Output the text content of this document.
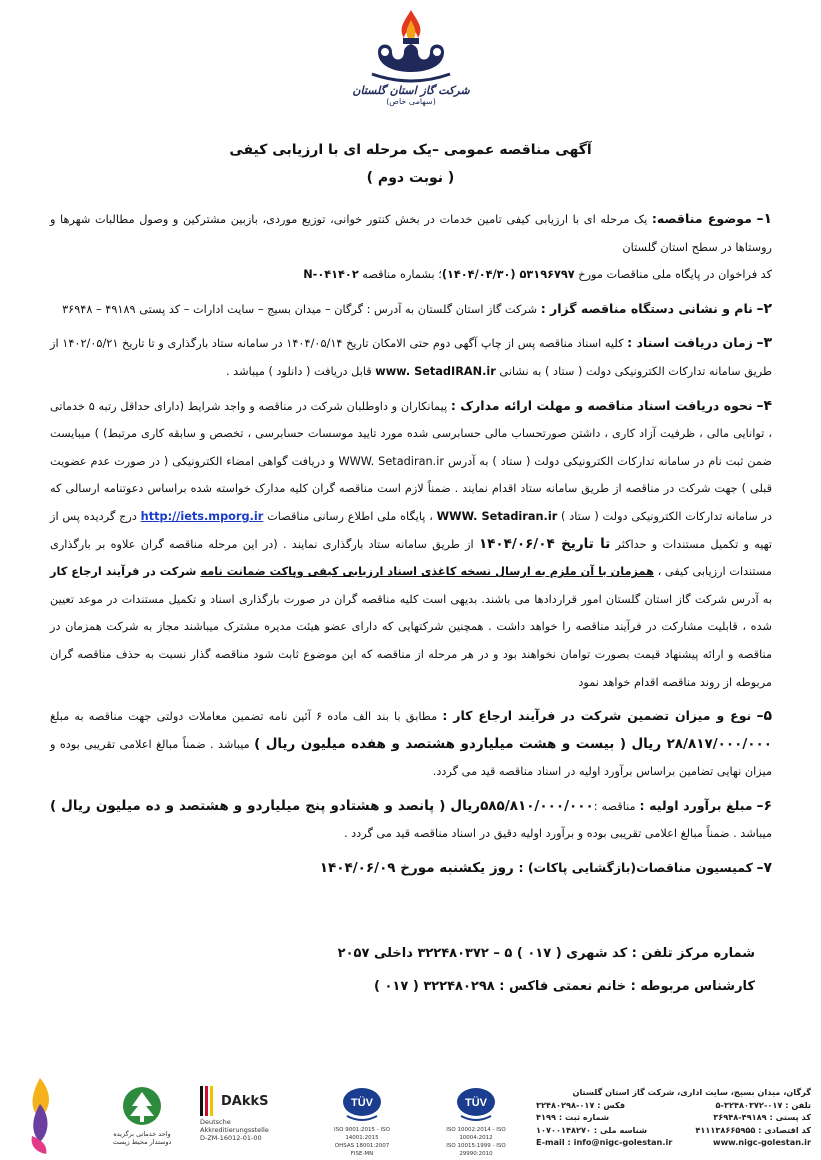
شرکت گاز استان گلستان
(سهامی خاص)
آگهی مناقصه عمومی –یک مرحله ای با ارزیابی کیفی
( نوبت دوم )

۱– موضوع مناقصه: یک مرحله ای با ارزیابی کیفی تامین خدمات در بخش کنتور خوانی، توزیع موردی، بازبین مشترکین و وصول مطالبات شهرها و روستاها در سطح استان گلستان

کد فراخوان در پایگاه ملی مناقصات مورخ ۵۳۱۹۶۷۹۷ (۱۴۰۴/۰۴/۳۰)؛ بشماره مناقصه N-۰۴۱۴۰۲

۲– نام و نشانی دستگاه مناقصه گزار : شرکت گاز استان گلستان به آدرس : گرگان – میدان بسیج – سایت ادارات – کد پستی ۴۹۱۸۹ – ۳۶۹۴۸

۳– زمان دریافت اسناد : کلیه اسناد مناقصه پس از چاپ آگهی دوم حتی الامکان تاریخ ۱۴۰۴/۰۵/۱۴ در سامانه ستاد بارگذاری و تا تاریخ ۱۴۰۲/۰۵/۲۱ از طریق سامانه تدارکات الکترونیکی دولت ( ستاد ) به نشانی www. SetadIRAN.ir قابل دریافت ( دانلود ) میباشد .

۴– نحوه دریافت اسناد مناقصه و مهلت ارائه مدارک : پیمانکاران و داوطلبان شرکت در مناقصه و واجد شرایط (دارای حداقل رتبه ۵ خدماتی ، توانایی مالی ، ظرفیت آزاد کاری ، داشتن صورتحساب مالی حسابرسی شده مورد تایید موسسات حسابرسی ، تخصص و سابقه کاری مرتبط) ) میبایست ضمن ثبت نام در سامانه تدارکات الکترونیکی دولت ( ستاد ) به آدرس WWW. Setadiran.ir و دریافت گواهی امضاء الکترونیکی ( در صورت عدم عضویت قبلی ) جهت شرکت در مناقصه از طریق سامانه ستاد اقدام نمایند . ضمناً لازم است مناقصه گران کلیه مدارک خواسته شده براساس دعوتنامه ارسالی که در سامانه تدارکات الکترونیکی دولت ( ستاد ) WWW. Setadiran.ir ، پایگاه ملی اطلاع رسانی مناقصات http://iets.mporg.ir درج گردیده پس از تهیه و تکمیل مستندات و حداکثر تا تاریخ ۱۴۰۴/۰۶/۰۴ از طریق سامانه ستاد بارگذاری نمایند . (در این مرحله مناقصه گران علاوه بر بارگذاری مستندات ارزیابی کیفی ، همزمان با آن ملزم به ارسال نسخه کاغذی اسناد ارزیابی کیفی وپاکت ضمانت نامه شرکت در فرآیند ارجاع کار به آدرس شرکت گاز استان گلستان امور قراردادها می باشند. بدیهی است کلیه مناقصه گران در صورت بارگذاری اسناد و تکمیل مستندات در موعد تعیین شده ، قابلیت مشارکت در فرآیند مناقصه را خواهد داشت . همچنین شرکتهایی که دارای عضو هیئت مدیره مشترک میباشند مجاز به شرکت همزمان در مناقصه و ارائه پیشنهاد قیمت بصورت توامان نخواهند بود و در هر مرحله از مناقصه که این موضوع ثابت شود مناقصه گذار نسبت به حذف مناقصه گران مربوطه از روند مناقصه اقدام خواهد نمود

۵– نوع و میزان تضمین شرکت در فرآیند ارجاع کار : مطابق با بند الف ماده ۶ آئین نامه تضمین معاملات دولتی جهت مناقصه به مبلغ ۲۸/۸۱۷/۰۰۰/۰۰۰ ریال ( بیست و هشت میلیاردو هشتصد و هفده میلیون ریال ) میباشد . ضمناً مبالغ اعلامی تقریبی بوده و میزان نهایی تضامین براساس برآورد اولیه در اسناد مناقصه قید می گردد.

۶– مبلغ برآورد اولیه : مناقصه :۵۸۵/۸۱۰/۰۰۰/۰۰۰ریال ( پانصد و هشتادو پنج میلیاردو و هشتصد و ده میلیون ریال ) میباشد . ضمناً مبالغ اعلامی تقریبی بوده و برآورد اولیه دقیق در اسناد مناقصه قید می گردد .

۷– کمیسیون مناقصات(بازگشایی پاکات) : روز یکشنبه مورخ ۱۴۰۴/۰۶/۰۹

شماره مرکز تلفن : کد شهری ( ۰۱۷ ) ۵ – ۳۲۲۴۸۰۳۷۲ داخلی ۲۰۵۷

کارشناس مربوطه : خانم نعمتی فاکس : ۳۲۲۴۸۰۲۹۸ ( ۰۱۷ )

واحد خدماتی برگزیده
دوستدار محیط زیست
DAkkS
Deutsche
Akkreditierungsstelle
D-ZM-16012-01-00
TÜV
ISO 9001:2015 - ISO 14001:2015
OHSAS 18001:2007
FISE-MN
TÜV
ISO 10002:2014 - ISO 10004:2012
ISO 10015:1999 - ISO 29990:2010
گرگان، میدان بسیج، سایت اداری، شرکت گاز استان گلستان
تلفن : ۰۱۷-۳۲۴۸۰۳۷۲-۵
فکس : ۰۱۷-۳۲۴۸۰۲۹۸
کد پستی : ۴۹۱۸۹-۳۶۹۴۸
شماره ثبت : ۴۱۹۹
کد اقتصادی : ۴۱۱۱۳۸۶۶۵۹۵۵
شناسه ملی : ۱۰۷۰۰۱۴۸۲۷۰
E-mail : info@nigc-golestan.ir	www.nigc-golestan.ir
